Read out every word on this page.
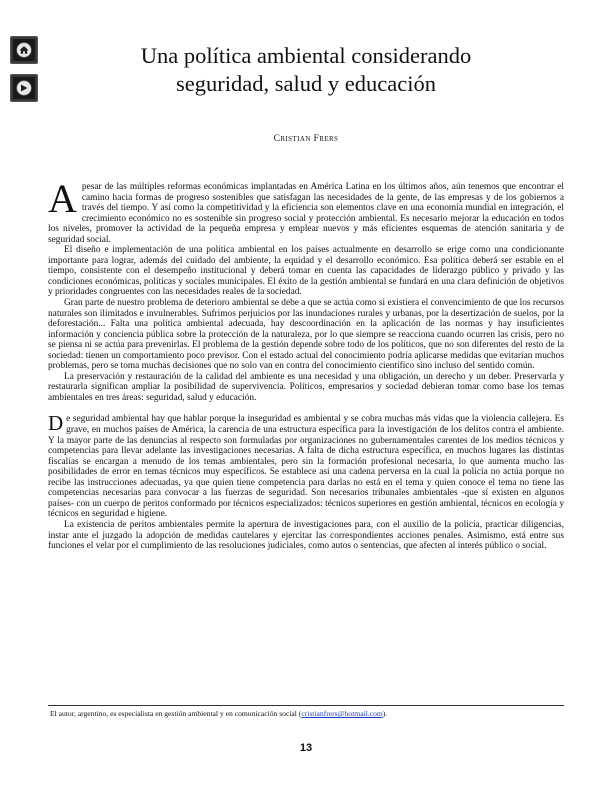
Una política ambiental considerando
seguridad, salud y educación
Cristian Frers

Apesar de las múltiples reformas económicas implantadas en América Latina en los últimos años, aún tenemos que encontrar el camino hacia formas de progreso sostenibles que satisfagan las necesidades de la gente, de las empresas y de los gobiernos a través del tiempo. Y así como la competitividad y la eficiencia son elementos clave en una economía mundial en integración, el crecimiento económico no es sostenible sin progreso social y protección ambiental. Es necesario mejorar la educación en todos los niveles, promover la actividad de la pequeña empresa y emplear nuevos y más eficientes esquemas de atención sanitaria y de seguridad social.

El diseño e implementación de una política ambiental en los países actualmente en desarrollo se erige como una condicionante importante para lograr, además del cuidado del ambiente, la equidad y el desarrollo económico. Esa política deberá ser estable en el tiempo, consistente con el desempeño institucional y deberá tomar en cuenta las capacidades de liderazgo público y privado y las condiciones económicas, políticas y sociales municipales. El éxito de la gestión ambiental se fundará en una clara definición de objetivos y prioridades congruentes con las necesidades reales de la sociedad.

Gran parte de nuestro problema de deterioro ambiental se debe a que se actúa como si existiera el convencimiento de que los recursos naturales son ilimitados e invulnerables. Sufrimos perjuicios por las inundaciones rurales y urbanas, por la desertización de suelos, por la deforestación... Falta una política ambiental adecuada, hay descoordinación en la aplicación de las normas y hay insuficientes información y conciencia pública sobre la protección de la naturaleza, por lo que siempre se reacciona cuando ocurren las crisis, pero no se piensa ni se actúa para prevenirlas. El problema de la gestión depende sobre todo de los políticos, que no son diferentes del resto de la sociedad: tienen un comportamiento poco previsor. Con el estado actual del conocimiento podría aplicarse medidas que evitarían muchos problemas, pero se toma muchas decisiones que no solo van en contra del conocimiento científico sino incluso del sentido común.

La preservación y restauración de la calidad del ambiente es una necesidad y una obligación, un derecho y un deber. Preservarla y restaurarla significan ampliar la posibilidad de supervivencia. Políticos, empresarios y sociedad debieran tomar como base los temas ambientales en tres áreas: seguridad, salud y educación.

De seguridad ambiental hay que hablar porque la inseguridad es ambiental y se cobra muchas más vidas que la violencia callejera. Es grave, en muchos países de América, la carencia de una estructura específica para la investigación de los delitos contra el ambiente. Y la mayor parte de las denuncias al respecto son formuladas por organizaciones no gubernamentales carentes de los medios técnicos y competencias para llevar adelante las investigaciones necesarias. A falta de dicha estructura específica, en muchos lugares las distintas fiscalías se encargan a menudo de los temas ambientales, pero sin la formación profesional necesaria, lo que aumenta mucho las posibilidades de error en temas técnicos muy específicos. Se establece así una cadena perversa en la cual la policía no actúa porque no recibe las instrucciones adecuadas, ya que quien tiene competencia para darlas no está en el tema y quien conoce el tema no tiene las competencias necesarias para convocar a las fuerzas de seguridad. Son necesarios tribunales ambientales -que sí existen en algunos países- con un cuerpo de peritos conformado por técnicos especializados: técnicos superiores en gestión ambiental, técnicos en ecología y técnicos en seguridad e higiene.

La existencia de peritos ambientales permite la apertura de investigaciones para, con el auxilio de la policía, practicar diligencias, instar ante el juzgado la adopción de medidas cautelares y ejercitar las correspondientes acciones penales. Asimismo, está entre sus funciones el velar por el cumplimiento de las resoluciones judiciales, como autos o sentencias, que afecten al interés público o social.

El autor, argentino, es especialista en gestión ambiental y en comunicación social (cristianfrers@hotmail.com).
13
